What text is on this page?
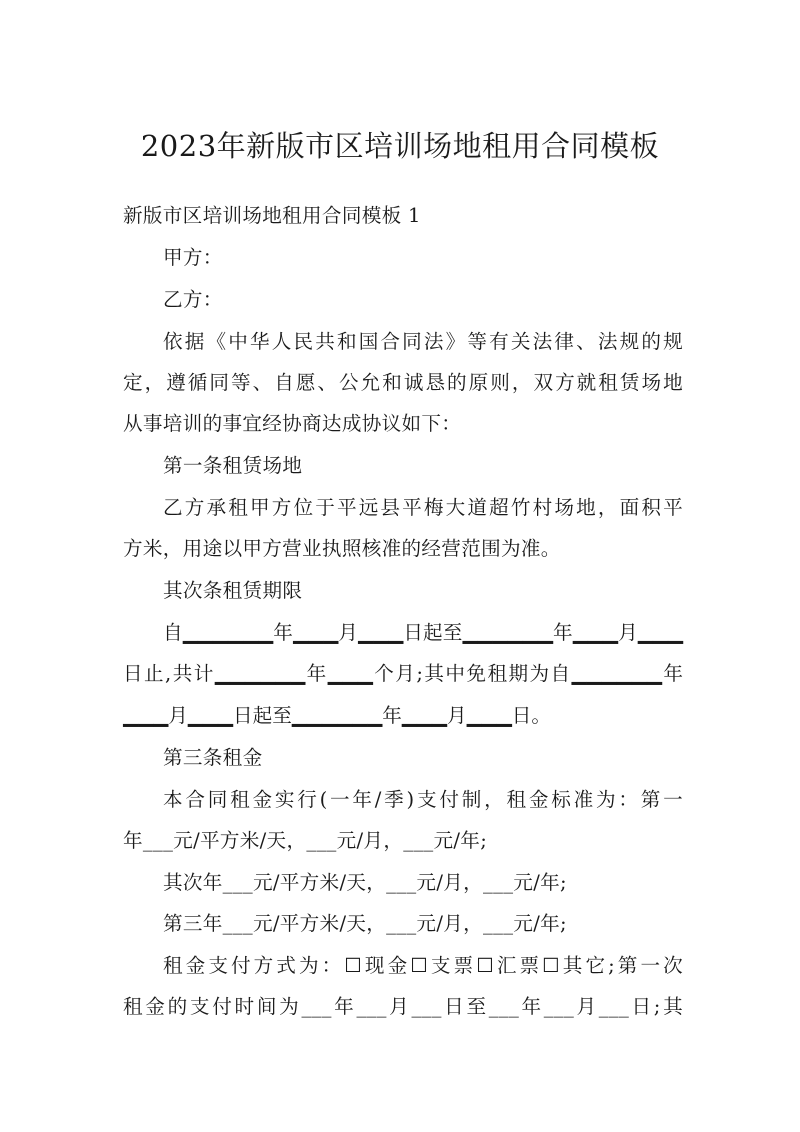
2023年新版市区培训场地租用合同模板
新版市区培训场地租用合同模板 1
甲方：
乙方：
依据《中华人民共和国合同法》等有关法律、法规的规
定，遵循同等、自愿、公允和诚恳的原则，双方就租赁场地
从事培训的事宜经协商达成协议如下：
第一条租赁场地
乙方承租甲方位于平远县平梅大道超竹村场地，面积平
方米，用途以甲方营业执照核准的经营范围为准。
其次条租赁期限
自▁▁▁▁▁▁年▁▁▁月▁▁▁日起至▁▁▁▁▁▁年▁▁▁月▁▁▁
日止,共计▁▁▁▁▁▁年▁▁▁个月;其中免租期为自▁▁▁▁▁▁年
▁▁▁月▁▁▁日起至▁▁▁▁▁▁年▁▁▁月▁▁▁日。
第三条租金
本合同租金实行(一年/季)支付制，租金标准为：第一
年___元/平方米/天，___元/月，___元/年;
其次年___元/平方米/天，___元/月，___元/年;
第三年___元/平方米/天，___元/月，___元/年;
租金支付方式为：☐现金☐支票☐汇票☐其它;第一次
租金的支付时间为___年___月___日至___年___月___日;其
